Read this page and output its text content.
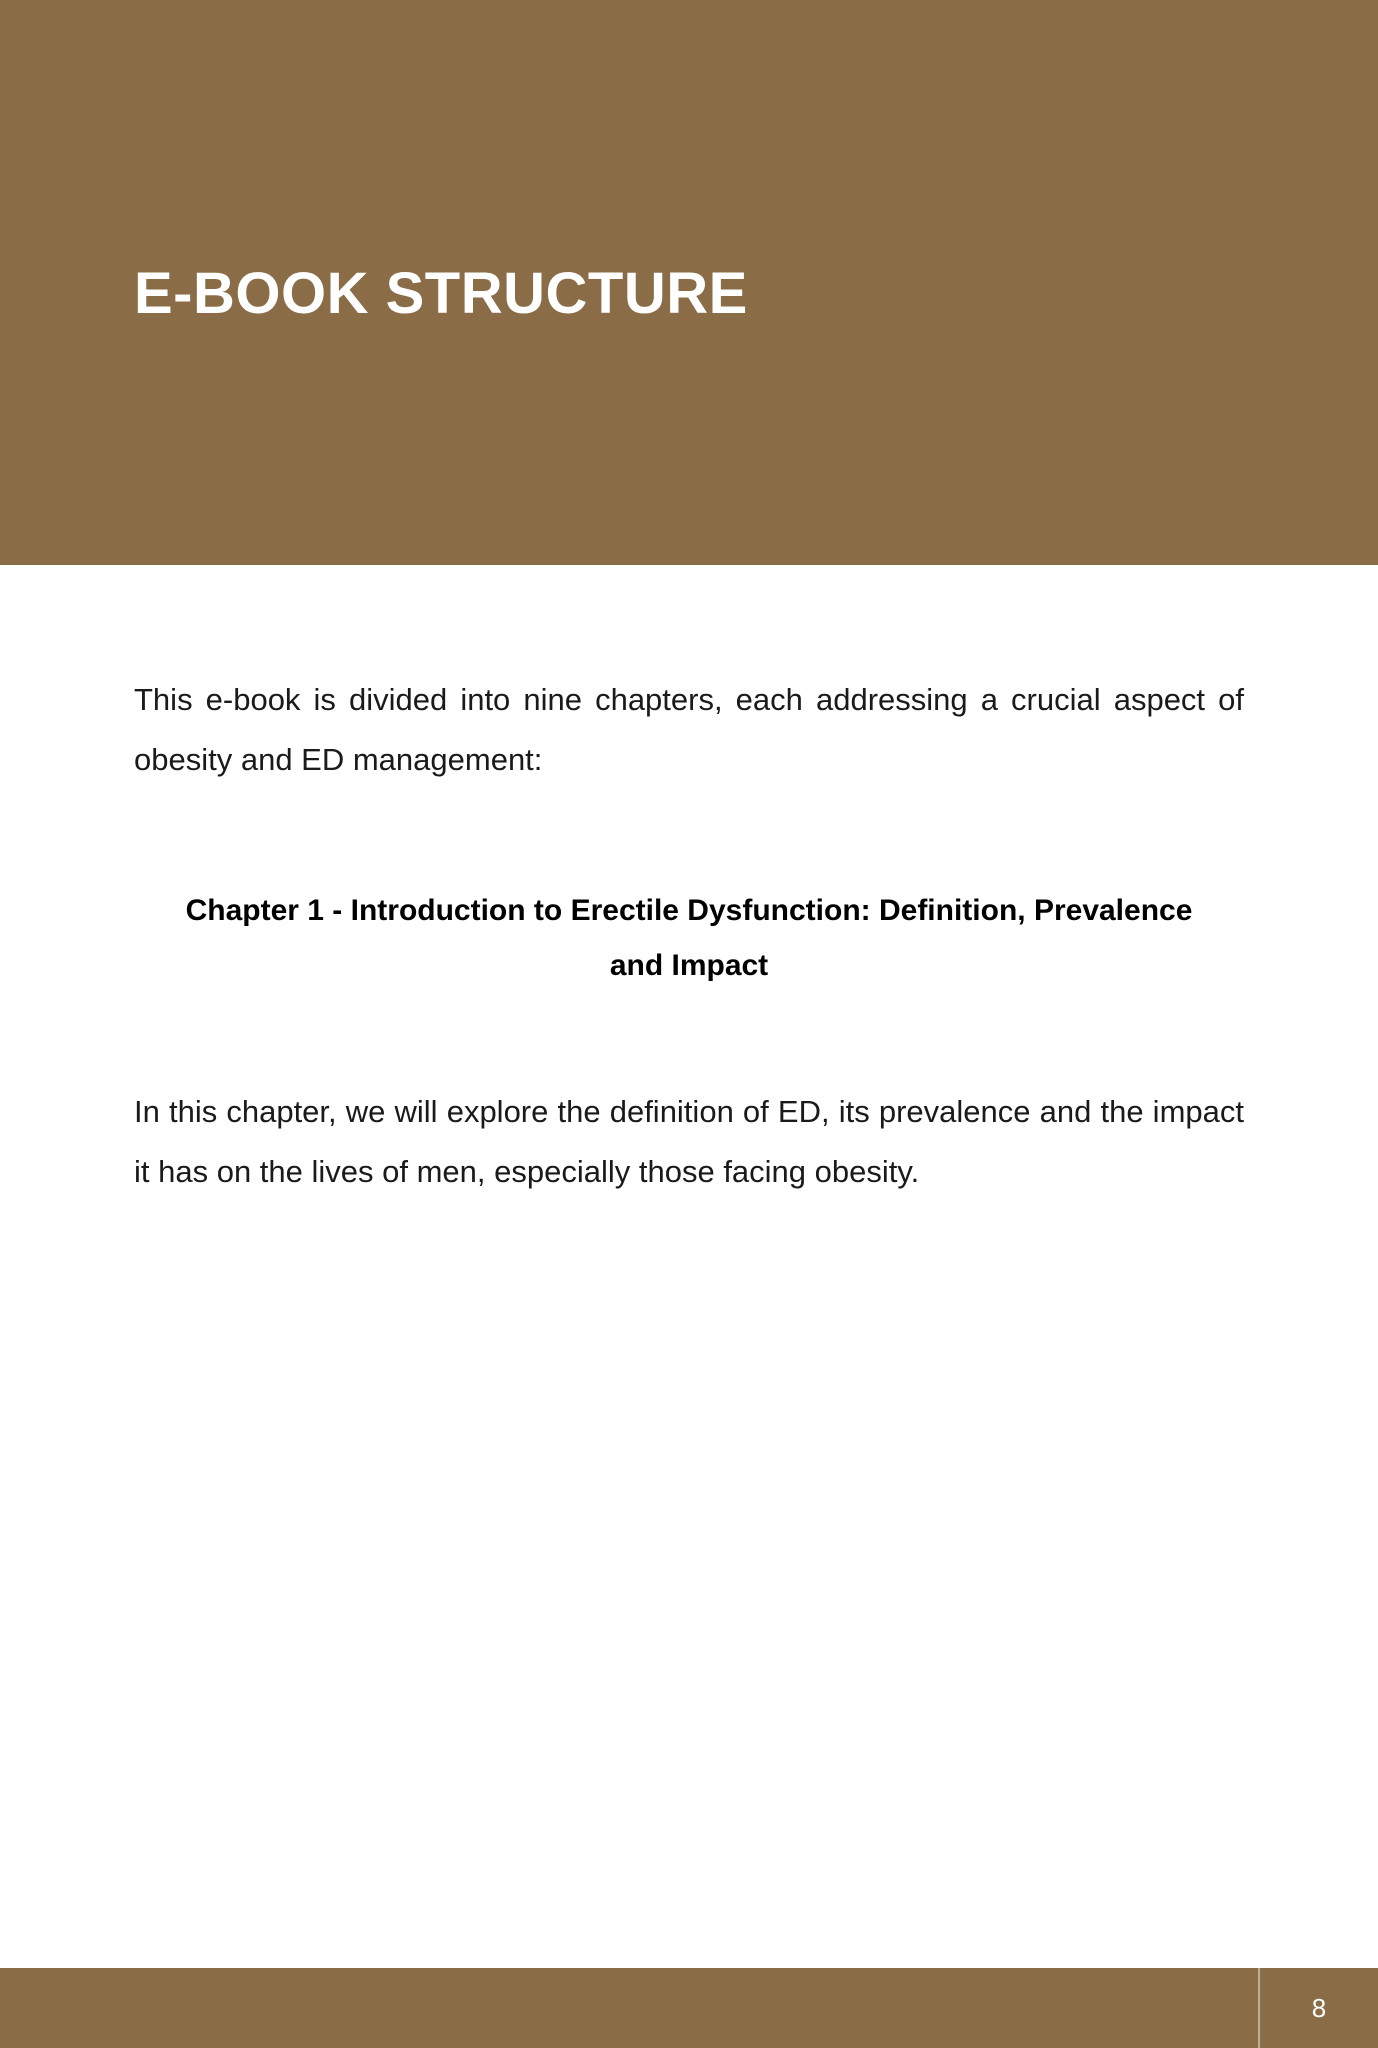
E-BOOK STRUCTURE

This e-book is divided into nine chapters, each addressing a crucial aspect of obesity and ED management:

Chapter 1 - Introduction to Erectile Dysfunction: Definition, Prevalence and Impact

In this chapter, we will explore the definition of ED, its prevalence and the impact it has on the lives of men, especially those facing obesity.

8
